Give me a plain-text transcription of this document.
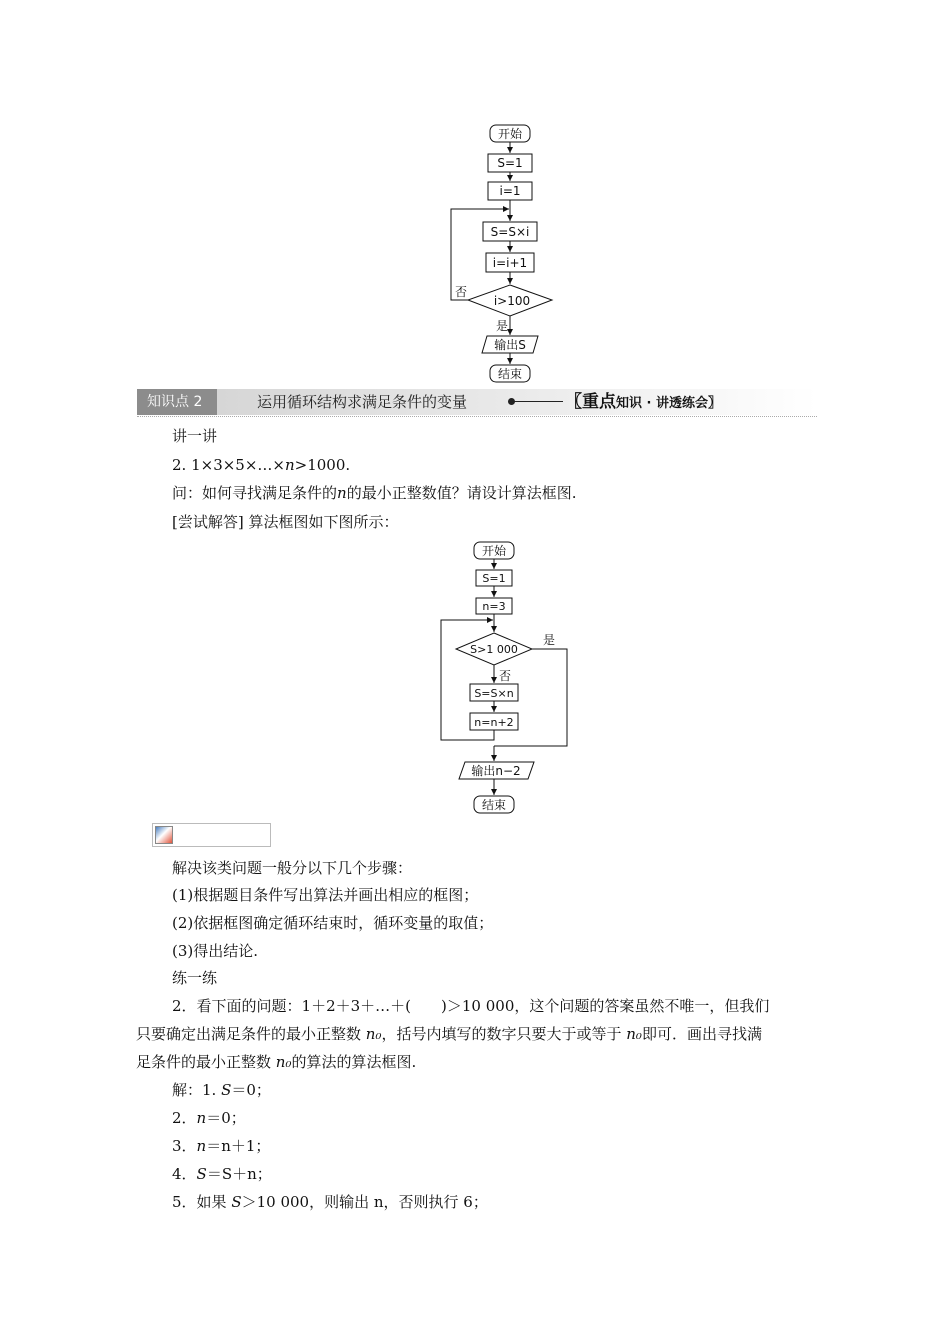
开始
S=1
i=1
S=S×i
i=i+1
i>100
否
是
输出S
结束
知识点 2	运用循环结构求满足条件的变量	〖重点知识 · 讲透练会〗
讲一讲
2. 1×3×5×…×n>1000.
问：如何寻找满足条件的n的最小正整数值？请设计算法框图.
[尝试解答] 算法框图如下图所示：
开始
S=1
n=3
S>1 000
是
否
S=S×n
n=n+2
输出n−2
结束
解决该类问题一般分以下几个步骤：
(1)根据题目条件写出算法并画出相应的框图；
(2)依据框图确定循环结束时，循环变量的取值；
(3)得出结论.
练一练
2．看下面的问题：1＋2＋3＋…＋(　　)＞10 000，这个问题的答案虽然不唯一，但我们
只要确定出满足条件的最小正整数 n₀，括号内填写的数字只要大于或等于 n₀即可．画出寻找满
足条件的最小正整数 n₀的算法的算法框图.
解：1. S＝0；
2．n＝0；
3．n＝n＋1；
4．S＝S＋n；
5．如果 S＞10 000，则输出 n，否则执行 6；
